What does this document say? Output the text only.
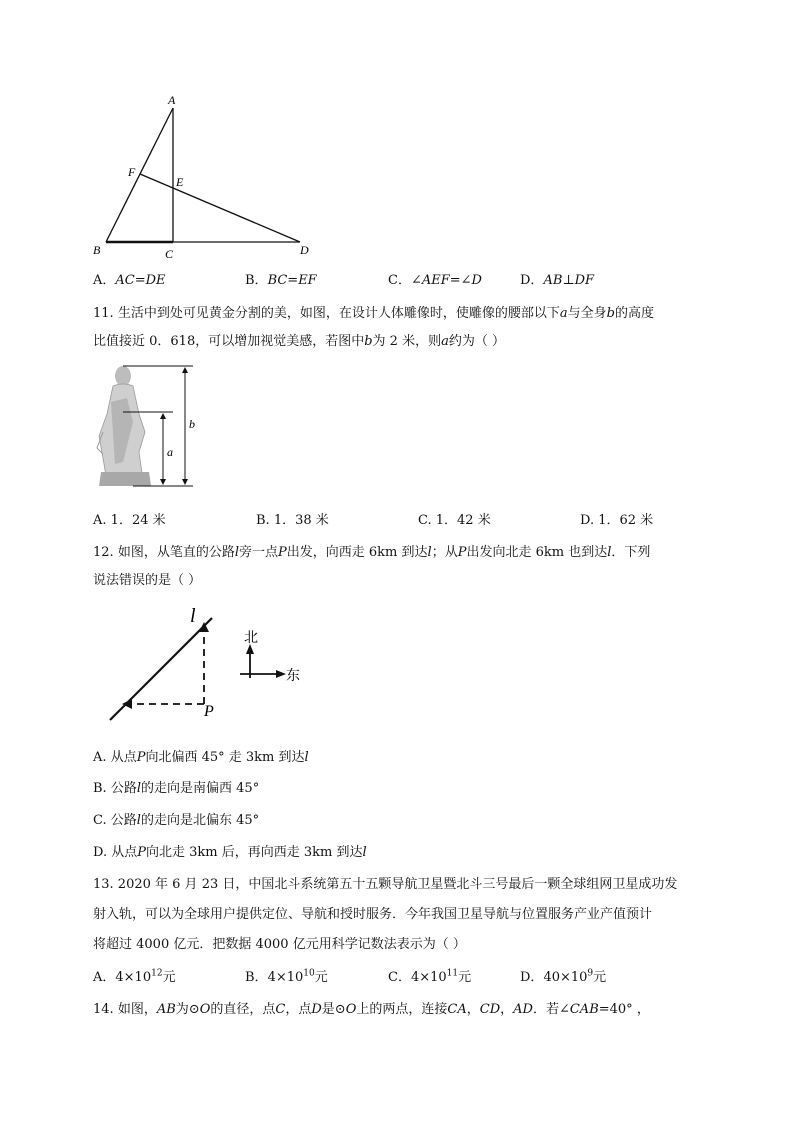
A
F
E
B	C	D
A．AC=DE	B．BC=EF	C．∠AEF=∠D	D．AB⊥DF
11. 生活中到处可见黄金分割的美，如图，在设计人体雕像时，使雕像的腰部以下a与全身b的高度
比值接近 0．618，可以增加视觉美感，若图中b为 2 米，则a约为（ ）
b
a
A. 1．24 米	B. 1．38 米	C. 1．42 米	D. 1．62 米
12. 如图，从笔直的公路l旁一点P出发，向西走 6km 到达l；从P出发向北走 6km 也到达l．下列
说法错误的是（ ）
l
P
北
东
A. 从点P向北偏西 45° 走 3km 到达l
B. 公路l的走向是南偏西 45°
C. 公路l的走向是北偏东 45°
D. 从点P向北走 3km 后，再向西走 3km 到达l
13. 2020 年 6 月 23 日，中国北斗系统第五十五颗导航卫星暨北斗三号最后一颗全球组网卫星成功发
射入轨，可以为全球用户提供定位、导航和授时服务．今年我国卫星导航与位置服务产业产值预计
将超过 4000 亿元．把数据 4000 亿元用科学记数法表示为（ ）
A．$4\times 10^{12}$元	B．$4\times 10^{10}$元	C．$4\times 10^{11}$元	D．$40\times 10^9$元
14. 如图，AB为⊙O的直径，点C，点D是⊙O上的两点，连接CA，CD，AD．若∠CAB=40° ，
